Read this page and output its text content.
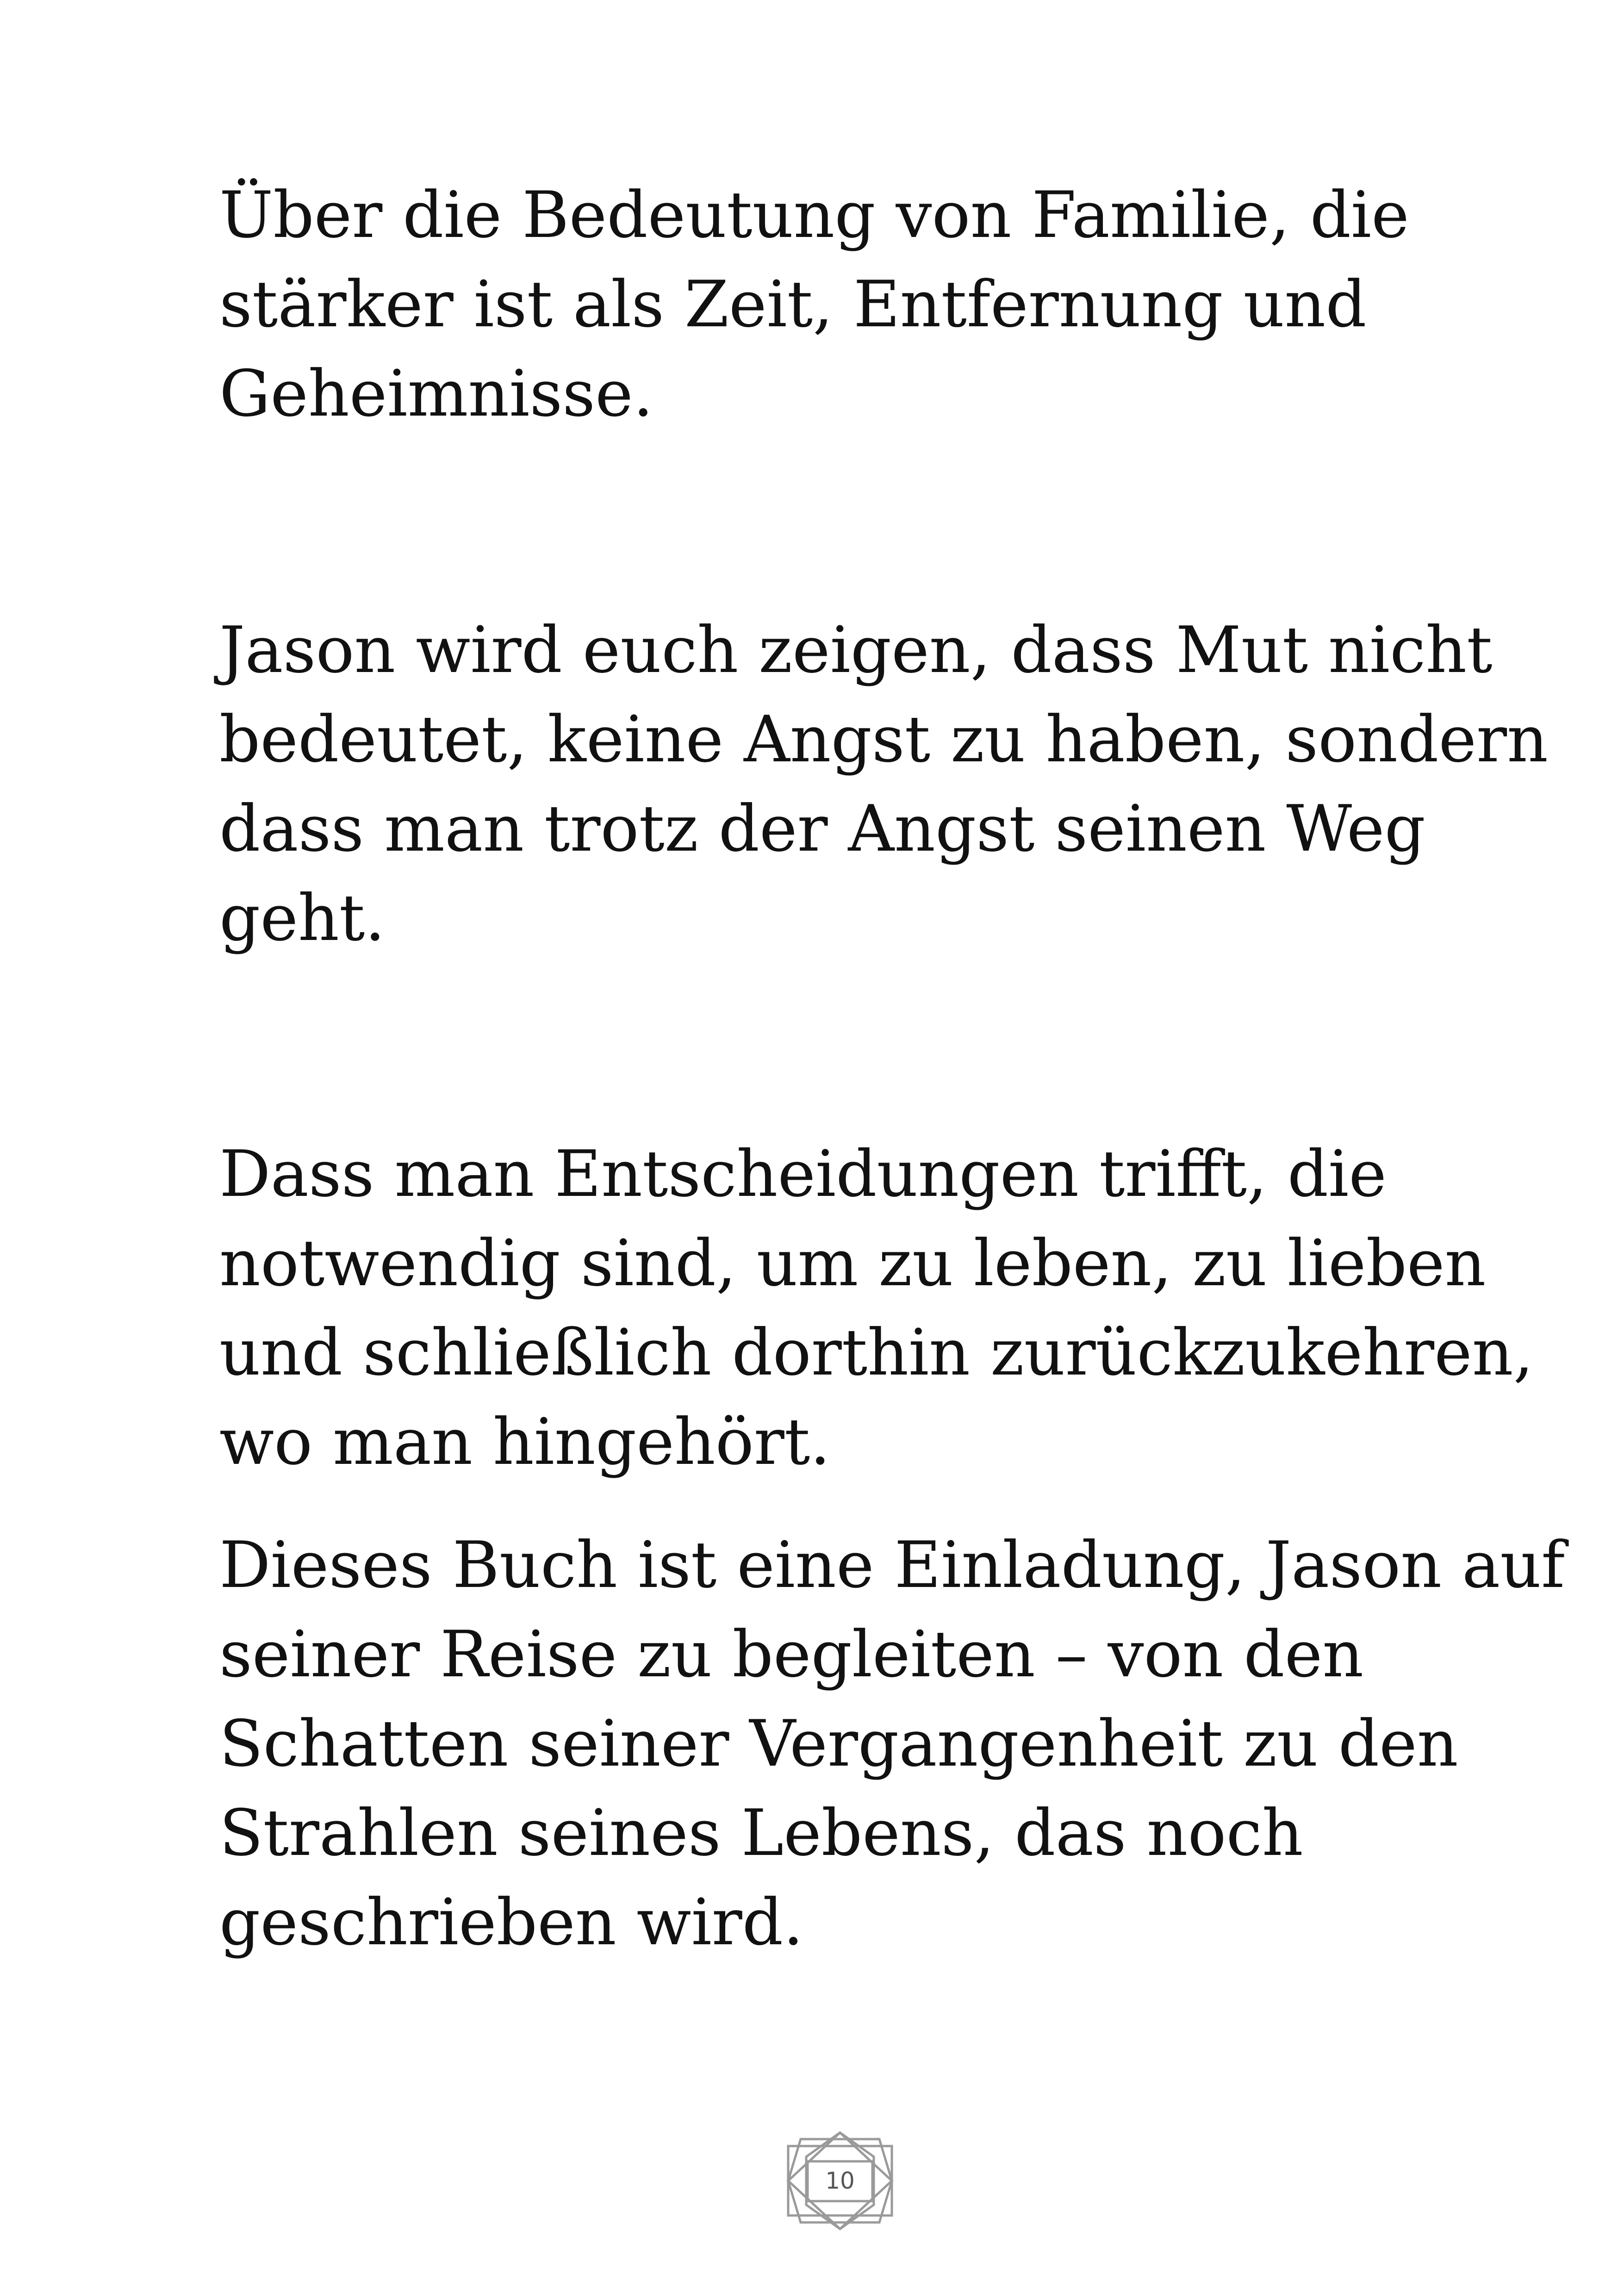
Über die Bedeutung von Familie, die
stärker ist als Zeit, Entfernung und
Geheimnisse.

Jason wird euch zeigen, dass Mut nicht
bedeutet, keine Angst zu haben, sondern
dass man trotz der Angst seinen Weg
geht.

Dass man Entscheidungen trifft, die
notwendig sind, um zu leben, zu lieben
und schließlich dorthin zurückzukehren,
wo man hingehört.

Dieses Buch ist eine Einladung, Jason auf
seiner Reise zu begleiten – von den
Schatten seiner Vergangenheit zu den
Strahlen seines Lebens, das noch
geschrieben wird.

10
